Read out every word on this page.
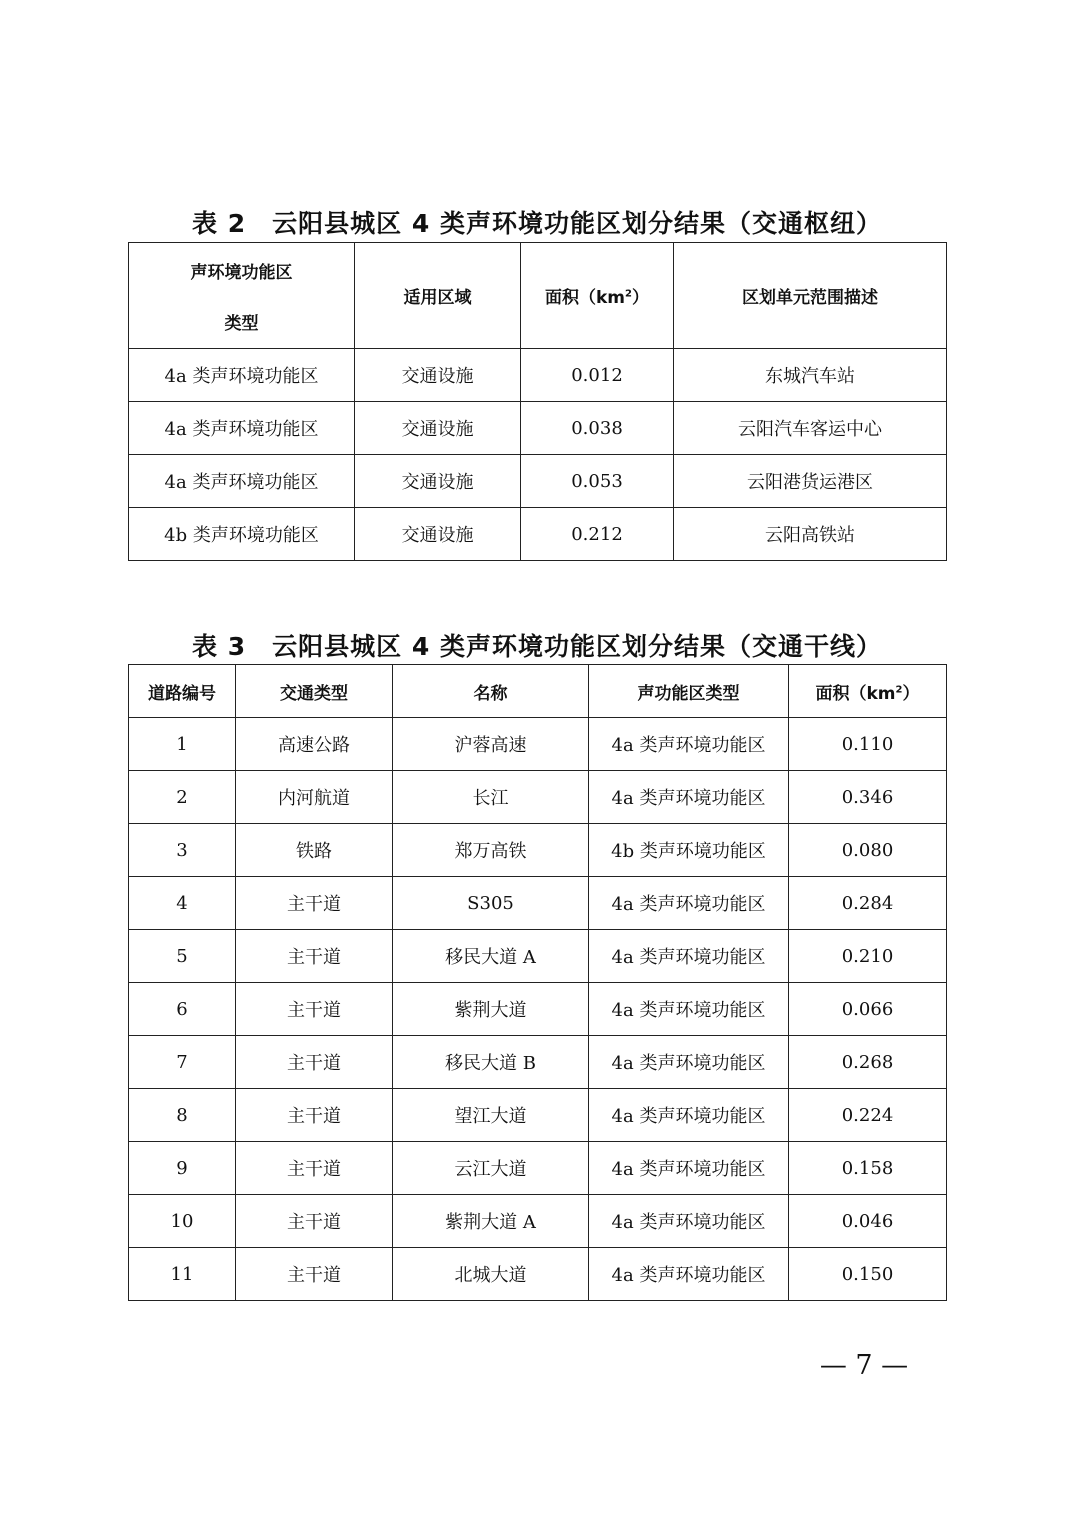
表 2　云阳县城区 4 类声环境功能区划分结果（交通枢纽）
声环境功能区
类型	适用区域	面积$(km^2)$	区划单元范围描述
4a 类声环境功能区	交通设施	0.012	东城汽车站
4a 类声环境功能区	交通设施	0.038	云阳汽车客运中心
4a 类声环境功能区	交通设施	0.053	云阳港货运港区
4b 类声环境功能区	交通设施	0.212	云阳高铁站
表 3　云阳县城区 4 类声环境功能区划分结果（交通干线）
道路编号	交通类型	名称	声功能区类型	面积$(km^2)$
1	高速公路	沪蓉高速	4a 类声环境功能区	0.110
2	内河航道	长江	4a 类声环境功能区	0.346
3	铁路	郑万高铁	4b 类声环境功能区	0.080
4	主干道	S305	4a 类声环境功能区	0.284
5	主干道	移民大道 A	4a 类声环境功能区	0.210
6	主干道	紫荆大道	4a 类声环境功能区	0.066
7	主干道	移民大道 B	4a 类声环境功能区	0.268
8	主干道	望江大道	4a 类声环境功能区	0.224
9	主干道	云江大道	4a 类声环境功能区	0.158
10	主干道	紫荆大道 A	4a 类声环境功能区	0.046
11	主干道	北城大道	4a 类声环境功能区	0.150
— 7 —
